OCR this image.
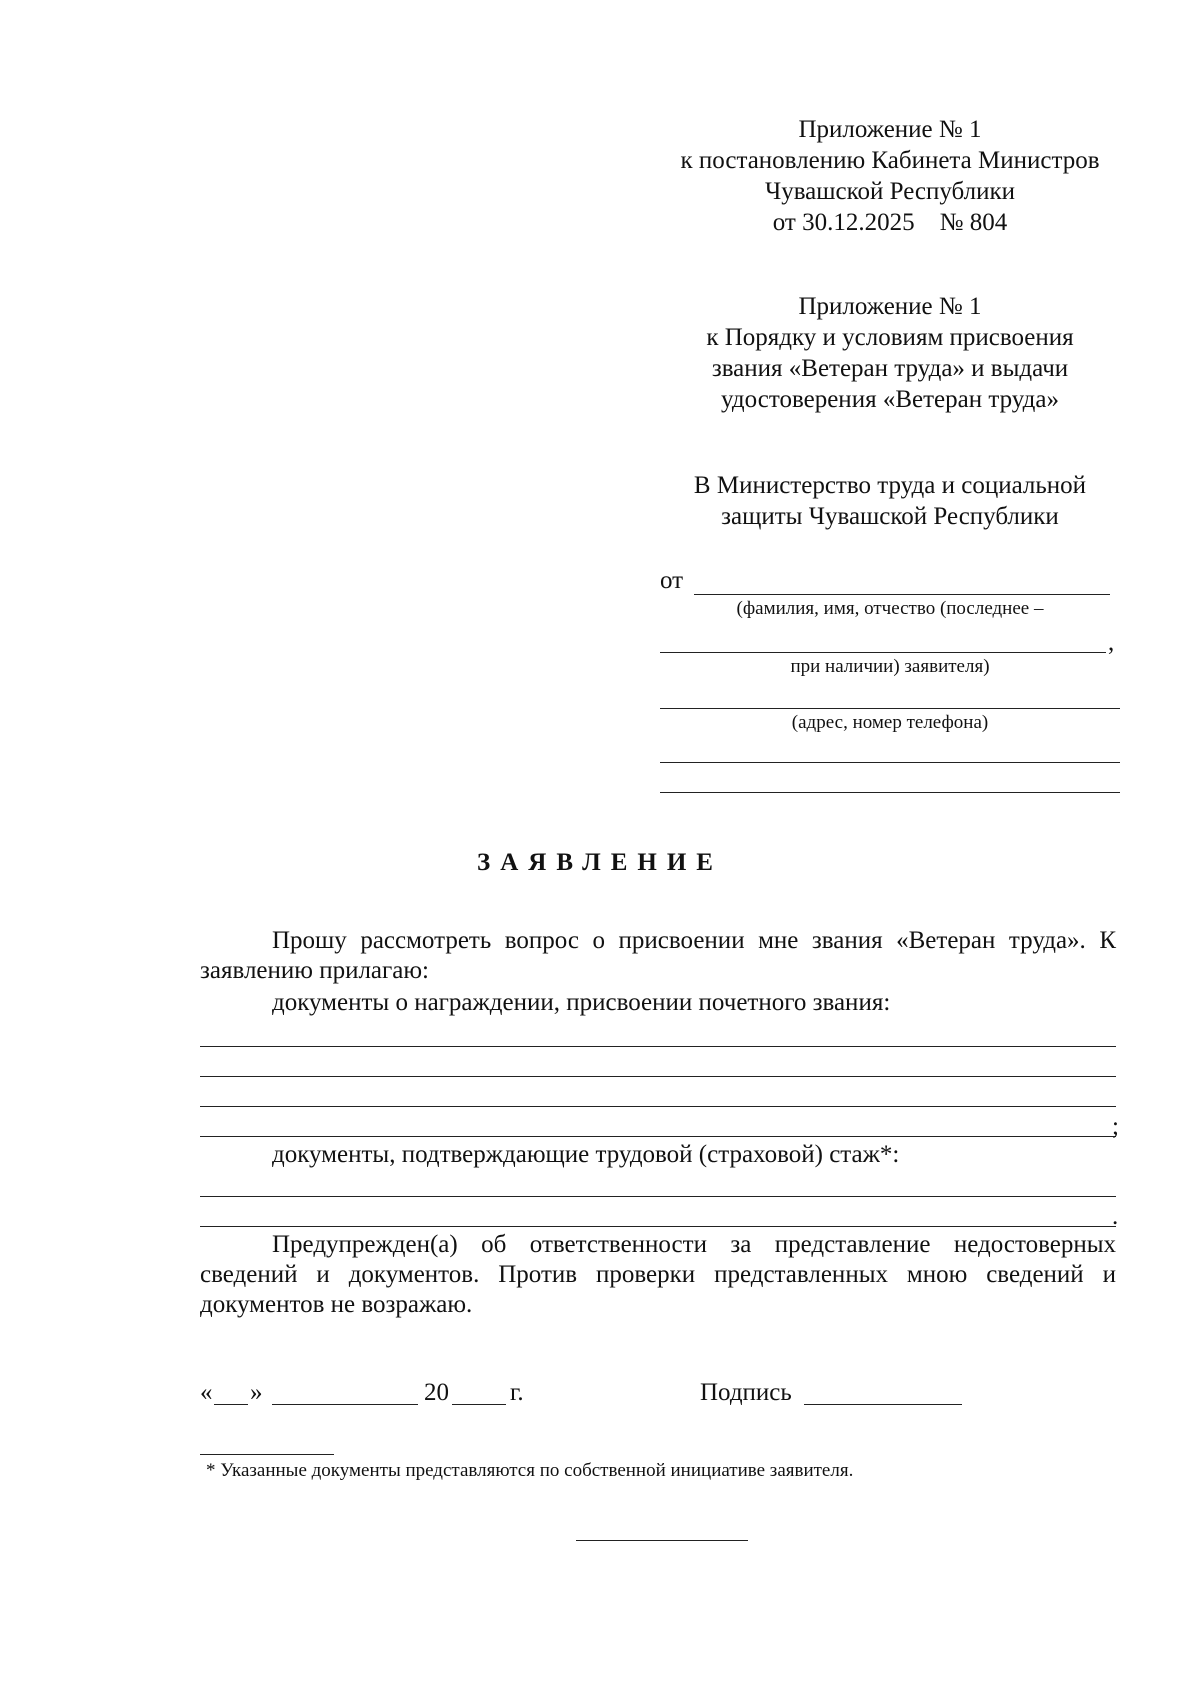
Приложение № 1
к постановлению Кабинета Министров
Чувашской Республики
от 30.12.2025    № 804
Приложение № 1
к Порядку и условиям присвоения
звания «Ветеран труда» и выдачи
удостоверения «Ветеран труда»
В Министерство труда и социальной
защиты Чувашской Республики
от
(фамилия, имя, отчество (последнее –
,
при наличии) заявителя)
(адрес, номер телефона)
ЗАЯВЛЕНИЕ
Прошу рассмотреть вопрос о присвоении мне звания «Ветеран труда». К заявлению прилагаю:
документы о награждении, присвоении почетного звания:
;
документы, подтверждающие трудовой (страховой) стаж*:
.
Предупрежден(а) об ответственности за представление недостоверных сведений и документов. Против проверки представленных мною сведений и документов не возражаю.
« »	20 г.	Подпись
* Указанные документы представляются по собственной инициативе заявителя.
